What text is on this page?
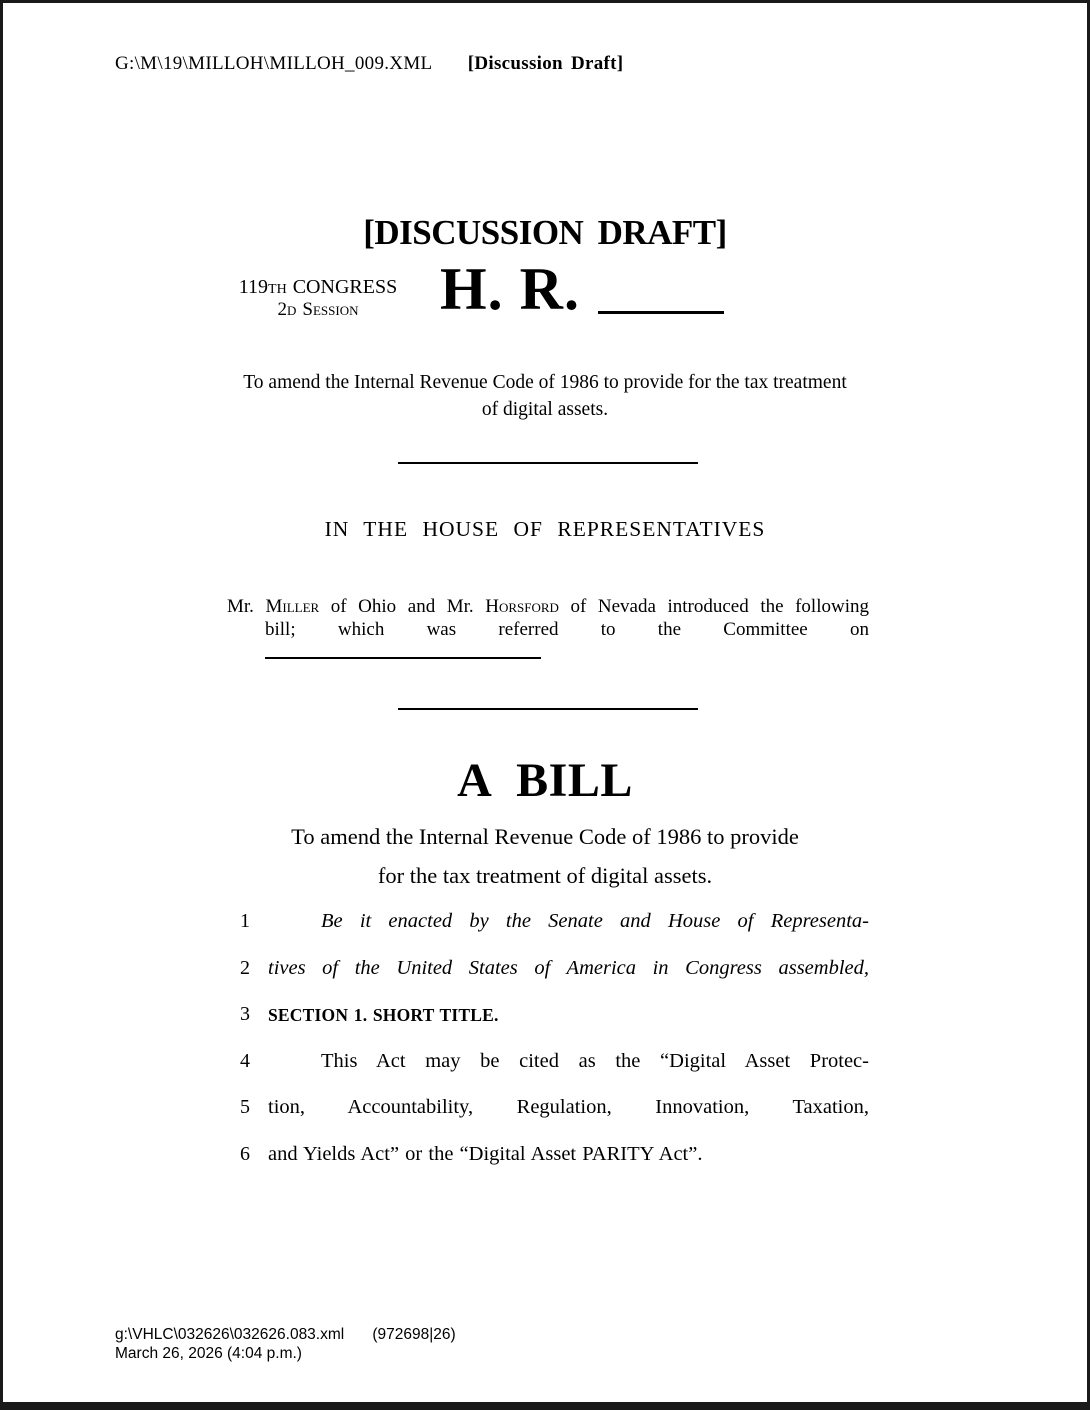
G:\M\19\MILLOH\MILLOH_009.XML [Discussion Draft]
[DISCUSSION DRAFT]
119th CONGRESS
2d Session	H. R.
To amend the Internal Revenue Code of 1986 to provide for the tax treatment
of digital assets.
IN THE HOUSE OF REPRESENTATIVES
Mr. Miller of Ohio and Mr. Horsford of Nevada introduced the following
bill; which was referred to the Committee on
A BILL
To amend the Internal Revenue Code of 1986 to provide
for the tax treatment of digital assets.
1	Be it enacted by the Senate and House of Representa-
2 tives of the United States of America in Congress assembled,
3	SECTION 1. SHORT TITLE.
4	This Act may be cited as the “Digital Asset Protec-
5 tion, Accountability, Regulation, Innovation, Taxation,
6 and Yields Act” or the “Digital Asset PARITY Act”.
g:\VHLC\032626\032626.083.xml (972698|26)
March 26, 2026 (4:04 p.m.)
